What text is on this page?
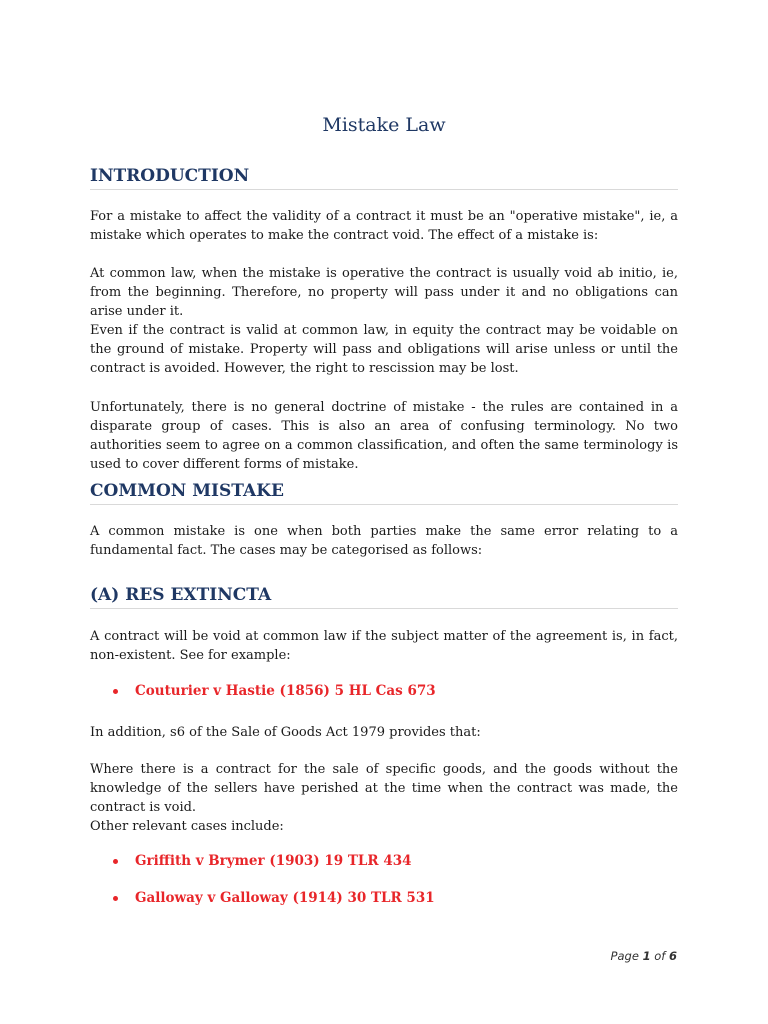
Mistake Law
INTRODUCTION

For a mistake to affect the validity of a contract it must be an "operative mistake", ie, a mistake which operates to make the contract void. The effect of a mistake is:

At common law, when the mistake is operative the contract is usually void ab initio, ie, from the beginning. Therefore, no property will pass under it and no obligations can arise under it.

Even if the contract is valid at common law, in equity the contract may be voidable on the ground of mistake. Property will pass and obligations will arise unless or until the contract is avoided. However, the right to rescission may be lost.

Unfortunately, there is no general doctrine of mistake - the rules are contained in a disparate group of cases. This is also an area of confusing terminology. No two authorities seem to agree on a common classification, and often the same terminology is used to cover different forms of mistake.

COMMON MISTAKE

A common mistake is one when both parties make the same error relating to a fundamental fact. The cases may be categorised as follows:

(A) RES EXTINCTA

A contract will be void at common law if the subject matter of the agreement is, in fact, non-existent. See for example:

Couturier v Hastie (1856) 5 HL Cas 673

In addition, s6 of the Sale of Goods Act 1979 provides that:

Where there is a contract for the sale of specific goods, and the goods without the knowledge of the sellers have perished at the time when the contract was made, the contract is void.

Other relevant cases include:

Griffith v Brymer (1903) 19 TLR 434
Galloway v Galloway (1914) 30 TLR 531
Page 1 of 6
